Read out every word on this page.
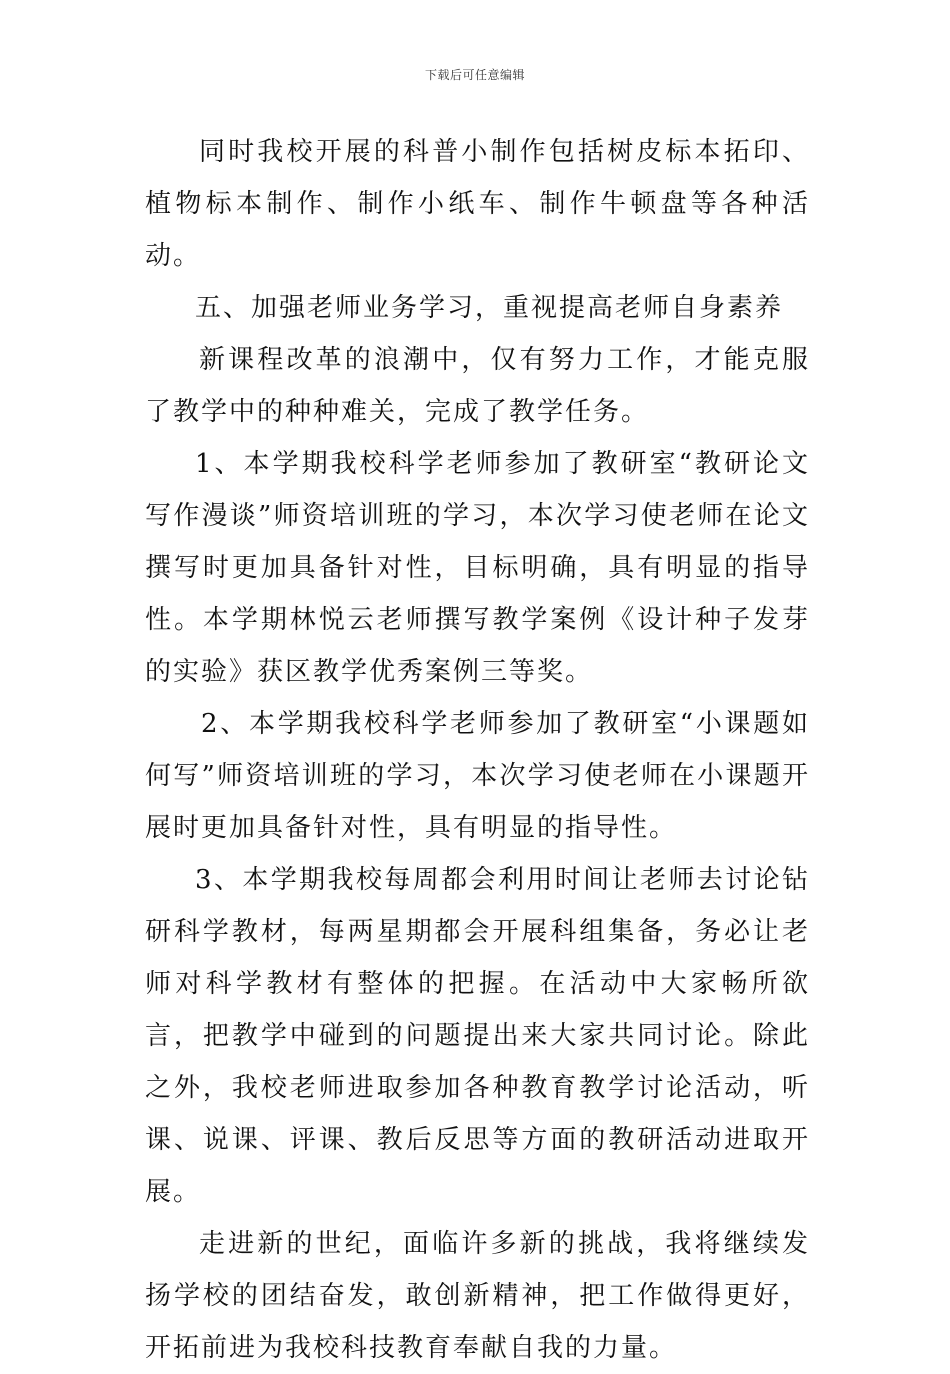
下载后可任意编辑

同时我校开展的科普小制作包括树皮标本拓印、植物标本制作、制作小纸车、制作牛顿盘等各种活动。

五、加强老师业务学习，重视提高老师自身素养

新课程改革的浪潮中，仅有努力工作，才能克服了教学中的种种难关，完成了教学任务。

1、本学期我校科学老师参加了教研室“教研论文写作漫谈”师资培训班的学习，本次学习使老师在论文撰写时更加具备针对性，目标明确，具有明显的指导性。本学期林悦云老师撰写教学案例《设计种子发芽的实验》获区教学优秀案例三等奖。

2、本学期我校科学老师参加了教研室“小课题如何写”师资培训班的学习，本次学习使老师在小课题开展时更加具备针对性，具有明显的指导性。

3、本学期我校每周都会利用时间让老师去讨论钻研科学教材，每两星期都会开展科组集备，务必让老师对科学教材有整体的把握。在活动中大家畅所欲言，把教学中碰到的问题提出来大家共同讨论。除此之外，我校老师进取参加各种教育教学讨论活动，听课、说课、评课、教后反思等方面的教研活动进取开展。

走进新的世纪，面临许多新的挑战，我将继续发扬学校的团结奋发，敢创新精神，把工作做得更好，开拓前进为我校科技教育奉献自我的力量。
